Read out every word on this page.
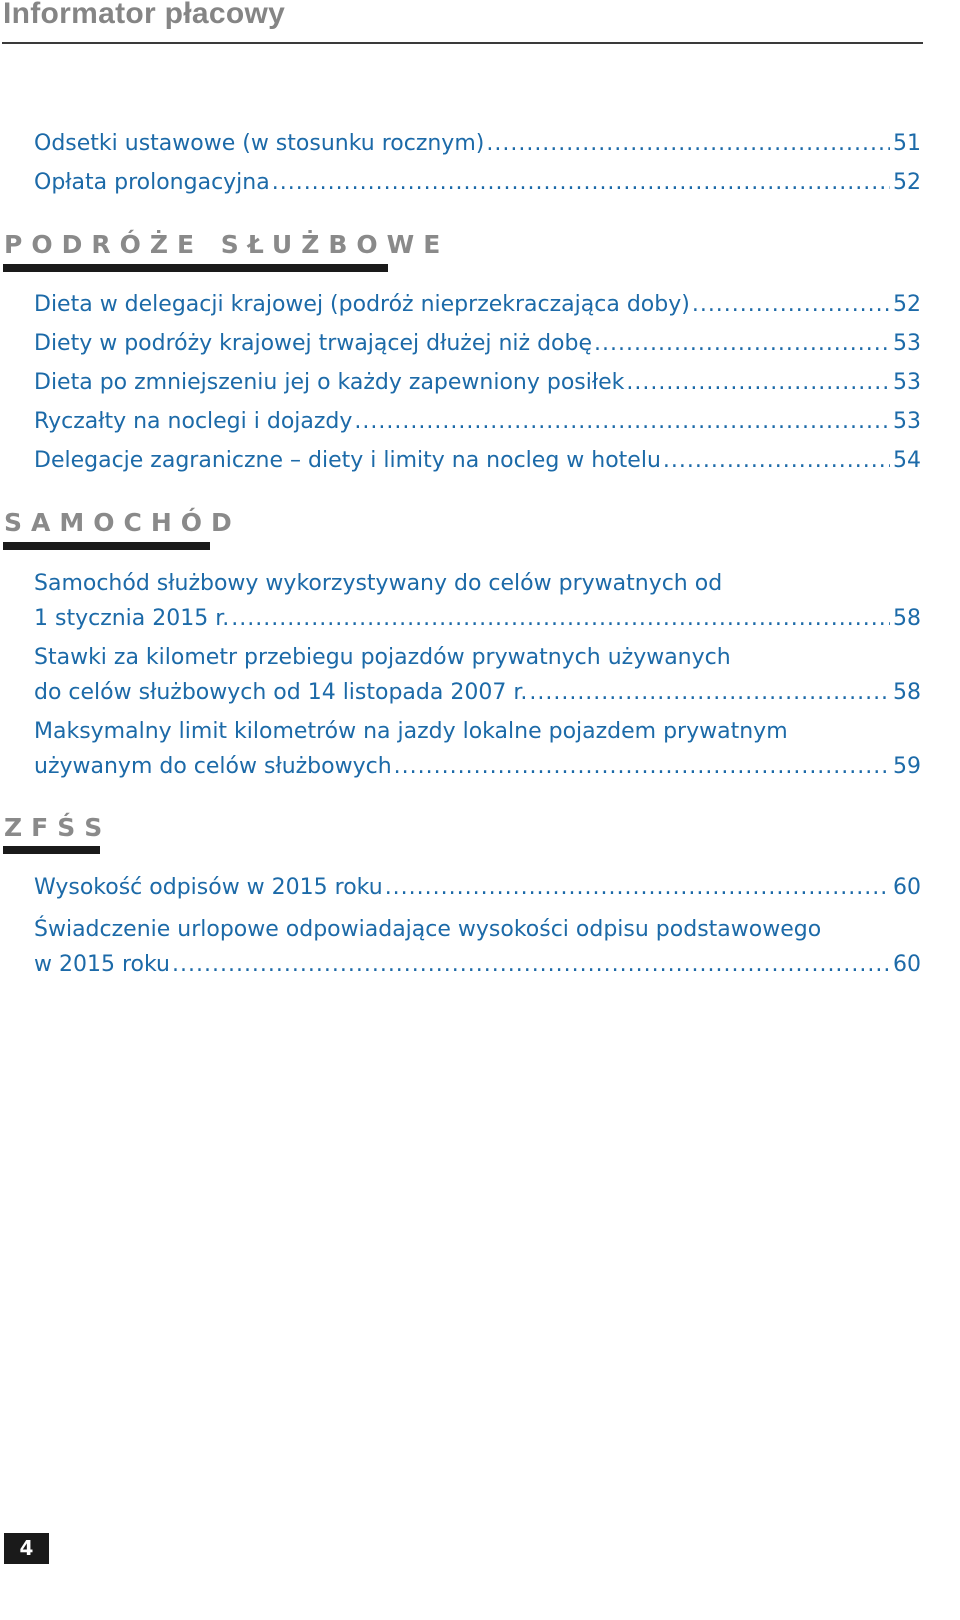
Informator płacowy
Odsetki ustawowe (w stosunku rocznym) .....	51
Opłata prolongacyjna .....	52
PODRÓŻE SŁUŻBOWE
Dieta w delegacji krajowej (podróż nieprzekraczająca doby) .....	52
Diety w podróży krajowej trwającej dłużej niż dobę .....	53
Dieta po zmniejszeniu jej o każdy zapewniony posiłek .....	53
Ryczałty na noclegi i dojazdy .....	53
Delegacje zagraniczne – diety i limity na nocleg w hotelu .....	54
SAMOCHÓD
Samochód służbowy wykorzystywany do celów prywatnych od
1 stycznia 2015 r. .....	58
Stawki za kilometr przebiegu pojazdów prywatnych używanych
do celów służbowych od 14 listopada 2007 r. .....	58
Maksymalny limit kilometrów na jazdy lokalne pojazdem prywatnym
używanym do celów służbowych .....	59
ZFŚS
Wysokość odpisów w 2015 roku .....	60
Świadczenie urlopowe odpowiadające wysokości odpisu podstawowego
w 2015 roku .....	60
4
